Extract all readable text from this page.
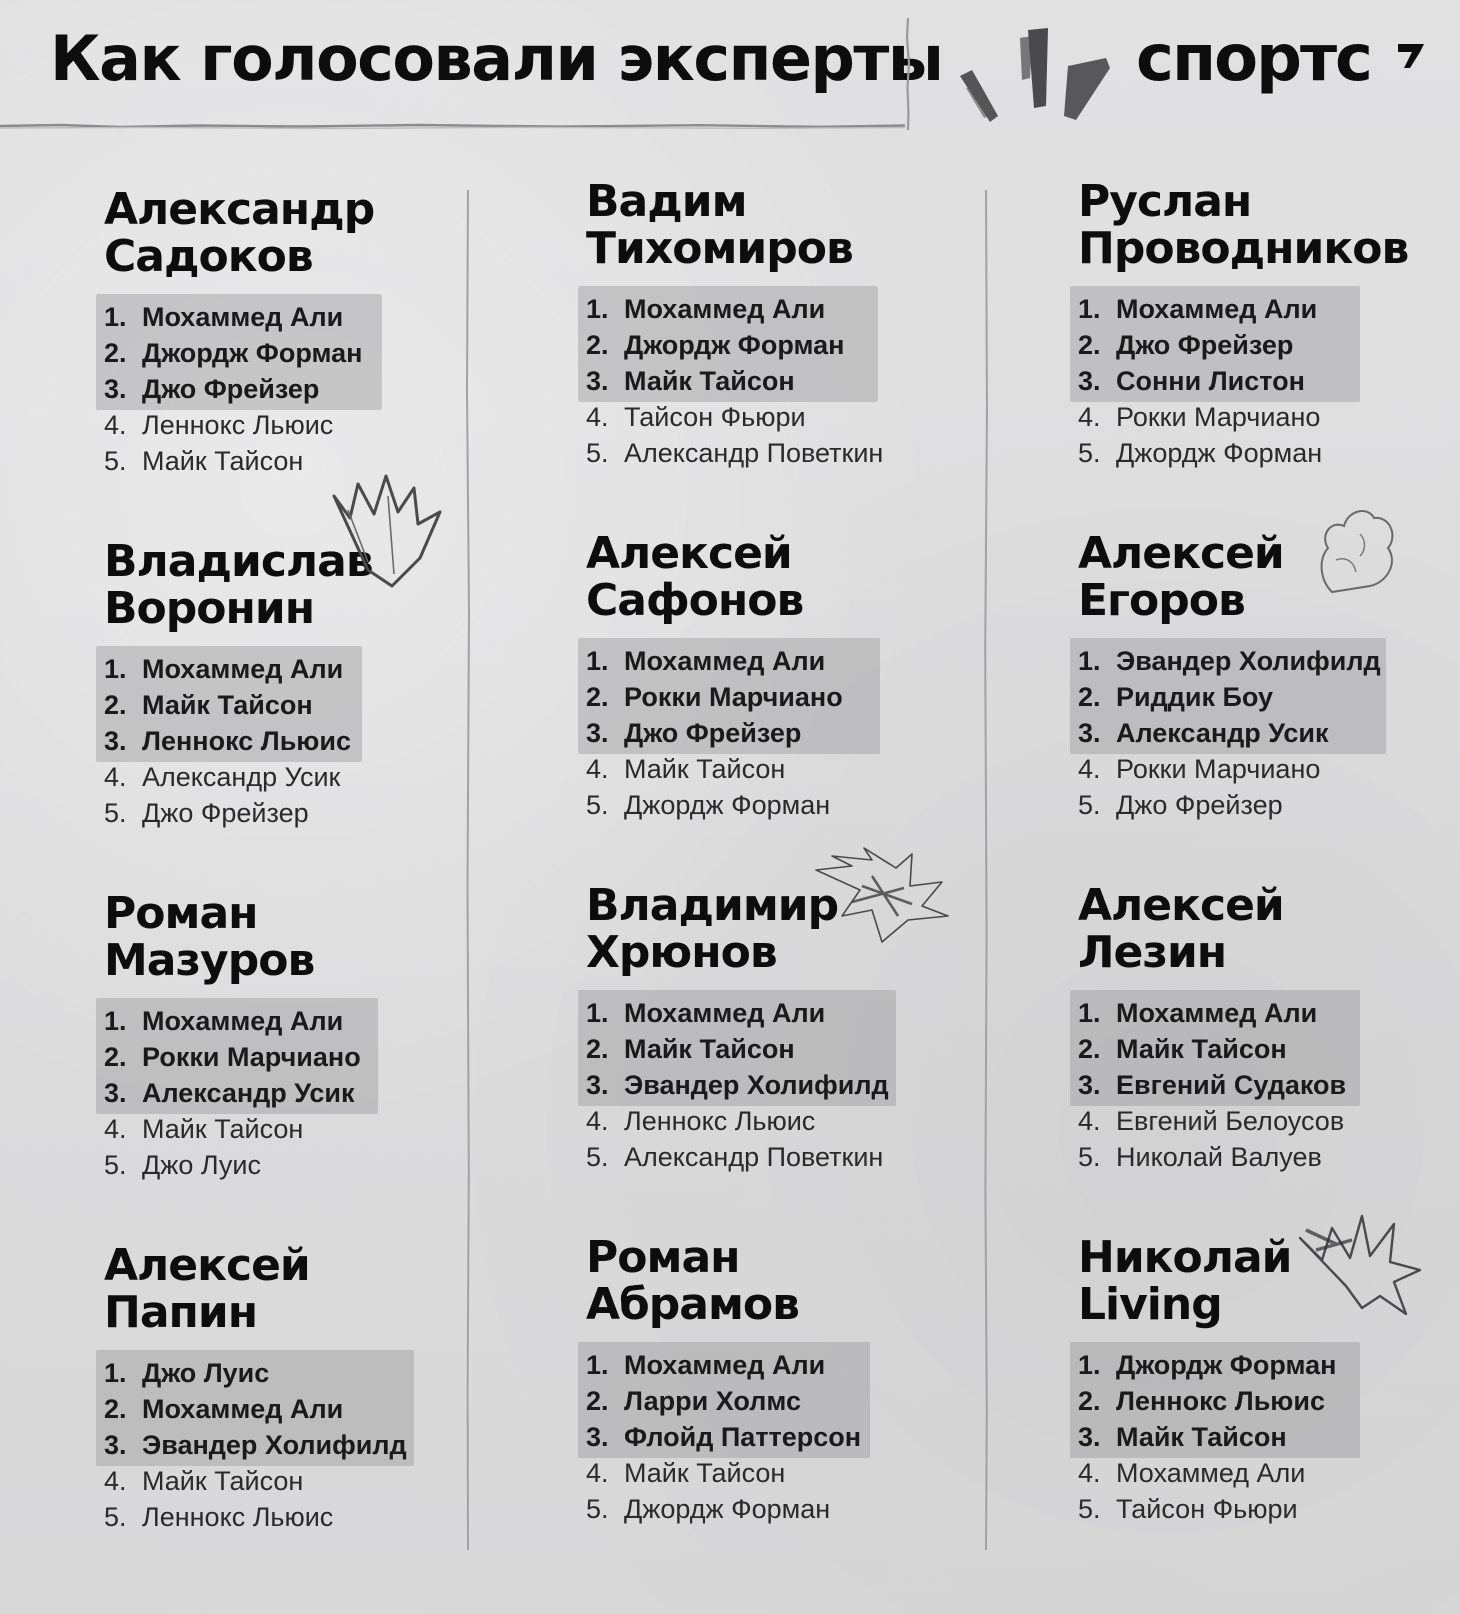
Как голосовали эксперты	спортс
Александр
Садоков
1. Мохаммед Али
2. Джордж Форман
3. Джо Фрейзер
4. Леннокс Льюис
5. Майк Тайсон
Владислав
Воронин
1. Мохаммед Али
2. Майк Тайсон
3. Леннокс Льюис
4. Александр Усик
5. Джо Фрейзер
Роман
Мазуров
1. Мохаммед Али
2. Рокки Марчиано
3. Александр Усик
4. Майк Тайсон
5. Джо Луис
Алексей
Папин
1. Джо Луис
2. Мохаммед Али
3. Эвандер Холифилд
4. Майк Тайсон
5. Леннокс Льюис
Вадим
Тихомиров
1. Мохаммед Али
2. Джордж Форман
3. Майк Тайсон
4. Тайсон Фьюри
5. Александр Поветкин
Алексей
Сафонов
1. Мохаммед Али
2. Рокки Марчиано
3. Джо Фрейзер
4. Майк Тайсон
5. Джордж Форман
Владимир
Хрюнов
1. Мохаммед Али
2. Майк Тайсон
3. Эвандер Холифилд
4. Леннокс Льюис
5. Александр Поветкин
Роман
Абрамов
1. Мохаммед Али
2. Ларри Холмс
3. Флойд Паттерсон
4. Майк Тайсон
5. Джордж Форман
Руслан
Проводников
1. Мохаммед Али
2. Джо Фрейзер
3. Сонни Листон
4. Рокки Марчиано
5. Джордж Форман
Алексей
Егоров
1. Эвандер Холифилд
2. Риддик Боу
3. Александр Усик
4. Рокки Марчиано
5. Джо Фрейзер
Алексей
Лезин
1. Мохаммед Али
2. Майк Тайсон
3. Евгений Судаков
4. Евгений Белоусов
5. Николай Валуев
Николай
Living
1. Джордж Форман
2. Леннокс Льюис
3. Майк Тайсон
4. Мохаммед Али
5. Тайсон Фьюри
